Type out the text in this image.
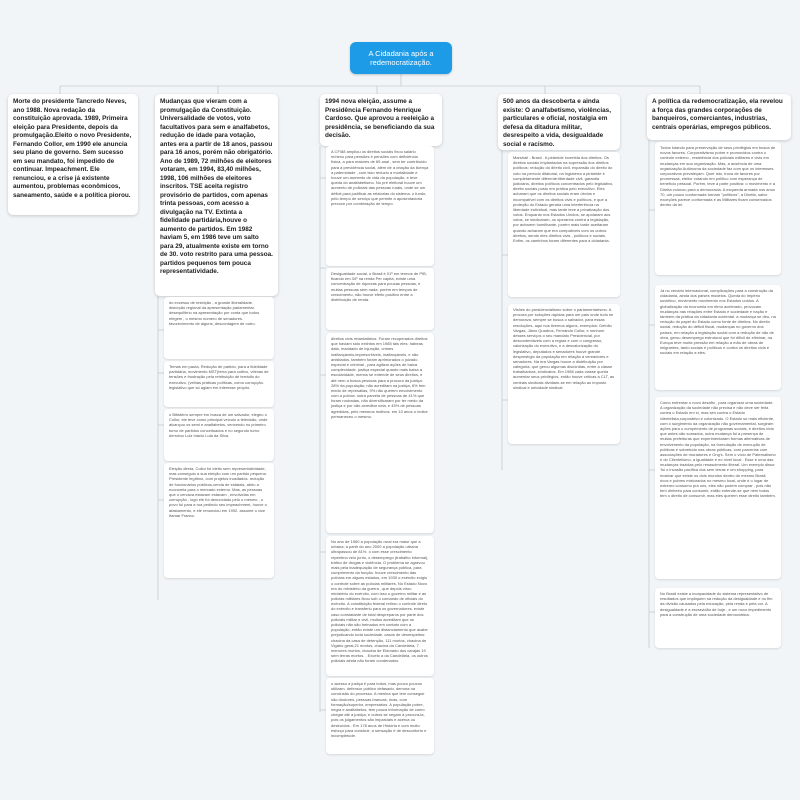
A Cidadania após a redemocratização.
Morte do presidente Tancredo Neves, ano 1988. Nova redação da constituição aprovada. 1989, Primeira eleição para Presidente, depois da promulgação.Eleito o novo Presidente, Fernando Collor, em 1990 ele anuncia seu plano de governo. Sem sucesso em seu mandato, foi impedido de continuar. Impeachment. Ele renunciou, e a crise já existente aumentou, problemas econômicos, saneamento, saúde e a política piorou.
Mudanças que vieram com a promulgação da Constituição. Universalidade de votos, voto facultativos para sem e analfabetos, redução de idade para votação, antes era a partir de 18 anos, passou para 16 anos, porém não obrigatório. Ano de 1989, 72 milhões de eleitores votaram, em 1994, 83,40 milhões, 1998, 106 milhões de eleitores inscritos. TSE aceita registro provisório de partidos, com apenas trinta pessoas, com acesso a divulgação na TV. Extinta a fidelidade partidária,houve o aumento de partidos. Em 1982 haviam 5, em 1986 teve um salto para 29, atualmente existe em torno de 30. voto restrito para uma pessoa. partidos pequenos tem pouca representatividade.
do excesso de restrição , a grande liberalidade. distorção regional da apresentação parlamentar. desequilíbrio na apresentação por conta que todos elegem , o mesmo número de senadores. favorecimento de alguns, descontagem de outro.
Temas em pauta. Redução de partido, para a fidelidade partidária, movimento MST(terra para cultivo, vítimas de tensões e frustração pela retribuição de terrádio do executivo. (velhas práticas políticas, como corrupção. legislativo que só agiam em interesse próprio.
o Bitistérro sempre em busca de um salvador, elegeu o Collor, ele teve como principal veículo a televisão, onde alcançou os semi e analfabetos, vencendo no primeiro turno de partidos conceituados e no segundo turno derrotou Luiz Inácio Lula da Silva.
Eleição direta, Collor foi eleito sem representatividade, mas conseguiu a sua eleição com um partido pequeno. Presidente legítimo, com projetos inusitados. redução de funcionários públicos,venda de estatais, abriu a economia para o mercado externo. Mas, as pessoas que o cercava estavam estavam , envolvidas em corrupção , logo ele foi denunciado pelo o mesmo , o povo foi para a rua pedindo seu impeachment, houve o afastamento, e ele renunciou em 1992. assume o vice Itamar Franco.
1994 nova eleição, assume a Presidência Fernando Henrique Cardoso. Que aprovou a reeleição a presidência, se beneficiando da sua decisão.
A CF/88 ampliou os direitos sociais fixou salário mínimo para pensões e pensões com deficiência física, a para maiores de 65 anal , sem ter contribuído para a previdência social, além de a criação da licença a paternidade , com isso reduziu a mortalidade e houve um aumento de vida da população, e teve queda do analfabetismo. No pré eleitoral houve um aumento de policiais das pessoas rurais, onde se um déficit para justificar as relatorias do sistema. o fundo, pelo tempo de serviço que permite a aposentadoria precoce por combinação de tempo.
Desigualdade social, o Brasil é 01º em termos de PIB, ficando em 34º na renda Per capita, existe uma concentração de riquezas para poucas pessoas, e muitas pessoas sem nada. porém em tempos de crescimento, não houve efeito positivo entre a distribuição de renda.
direitos civis retardatários. Foram recuperados direitos que haviam sido extintos em 1985 tais eles: habeas data, mandado de injunção, crimes inafiançáveis,imprescritíveis, inafiançáveis, e não anistiados. também foram aprimorados o juizado especial e criminal , para agilizar ações de baixa complexidade. justiça especial quanto mais baixa a escolaridade, menos se entende de seus direitos, e até nem a busca pessoas para a procura da justiça. 28% da população; não acreditam na justiça, 6% tem medo de represálias, 9% não querem envolvimento com a polícia. outra parcela de pessoas de 41% que foram roubadas, não diversificaram por ter medo da justiça e por não acreditar nela, e 45% de pessoas agredidas, pelo mesmos motivos. em 10 anos o índice permaneceu o mesmo.
No ano de 1960 a população rural era maior que a urbana, a partir do ano 2000 a população urbana ultrapassou de 81%. o com esse crescimento repentino veio junto, o desemprego (trabalho informal), tráfico de drogas e violência. O problema se agravou mais pela inadequação de segurança pública, para cumprimento da função. houve crescimento das polícias em alguns estados, em 1930 o exército exigiu o controle sobre as polícias militares. No Estado Novo era do ministério da guerra , que depois virou ministério do exército, com isso o governo militar e as policias militares ficou sob o comando de oficiais do exército. A constituição federal retirou o controle direto do exército e transferiu para os governadores. existe caso constatante de total despreparos por parte dos policiais militar e civil, muitos acreditam que os policiais não são treinados em contato com a população, então existe um distanciamento que acabe prejudicando toda sociedade. casos de desrespeitos: chacina da casa de detenção, 111 mortos, chacina de Vigário geral,21 mortos, chacina da Candelária, 7 menores mortos, chacina de Eldorado dos carajás 19 sem terras mortos. . Exceto a da Candelária, os outros policiais ainda não foram condenados.
o acesso a justiça é para todos, mas pouco poucos utilizam. defensor público defasado, demora na conclusão do processo. A menina que tem conseguir são doutores, pessoas brancas, ricas, com formação/superior, empresários. A população pobre, negra e analfabetos, tem pouca informação de como chegar até a justiça, e outros se negam à procura-la, pois os julgamentos são imparciais e acerca ou destruídos . Em 178 anos de História e com muito esforço para construir, a sensação é de desconforto e incompletude.
500 anos da descoberta e ainda existe: O analfabetismo, violências, particulares e oficial, nostalgia em defesa da ditadura militar, desrespeito a vida, desigualdade social e racismo.
Marshall - Brasil . A pirâmide invertida dos direitos. Os direitos sociais implantados na supressão dos direitos políticos: redução do direito civil, expansão do direito do voto na período ditatorial, na Inglaterra a pirâmide é completamente diferente:liberdade civil, garantia judiciária, direitos políticos concentrados pelo legislativo, direito sociais posto em prática pelo executivo. Eles acharam que os direitos sociais eram óbvios e incompatível com os direitos civis e políticos, e que a proteção do Estado geraria uma interferência na liberdade individual, mas tarde teve a privatização dos votos. Enquanto nos Estados Unidos, se apoiaram aos votos, se sindicaram, os operários contra a legislação, por acharem humilhante, porém mais tarde aceitaram quando acharam que era compatíveis com os outros direitos, sendo eles direitos civis , políticos e sociais. Enfim, os caminhos foram diferentes para a cidadania.
Visões do presidencialismo sobre o parlamentarismo. A procura por soluções rápidas para um país onde tudo se demorava, sempre se busca o salvador, para essas resoluções, aqui nos tivemos alguns, exemplos: Getúlio Vargas, Jânio Quadros, Fernando Collor, e nenhum desses serviços o seu mandato Presidencial, por descontentáveis com a regras e com o congresso, valorização do executivo, e a desvalorização do legislativo, deputados e senadores houve grande desprestígio da população em relação a vereadores e senadores. Na era Vargas houve a distribuição por categoria, que gerou algumas discórdias, entre a classe trabalhadora, sindicatos. Em 1988 cada classe queria aumentar seus privilégios, então houve críticas a CLT, as centrais sindicais dividiam-se em relação ao imposto sindical e unicidade sindical.
A política da redemocratização, ela revelou a força das grandes corporações de banqueiros, comerciantes, industrias, centrais operárias, empregos públicos.
Todos lutando para preservação de seus privilégios em busca de novos favores. Corporativismo pobre e promovidos contra o controle externo , resistência dos policiais militares e civis em mudanças em sua organização. Mas, a ausência de uma organização Autônoma da sociedade faz com que os interesses corporativos prevaleçam. Quer isto, troca de favores por promessas, eleitor votando em político com esperança de benefício pessoal. Porém, teve a parte positiva: o movimento e a Direita colocou para a democracia. A esquerda armada nos anos 70, um pouco conformada tornam "políticos", a Direita, salvo exceções parece conformada e as Militares ficam conservados dentro da lei.
Já no cenário internacional, complicações para a construção da cidadania, ainda dos países modelos. Queda do Império soviético, movimento movimento nos Estados unidos. A globalização da economia em ritmo acelerado, provocam mudanças nas relações entre Estado e sociedade e nação e também da prática da cidadania ocidental. a mudança se deu, na redução do papel do Estado como fonte de direitos. No direito social, redução do déficit fiscal, mudanças no governo dos países, em relação a legislação social com a redução de não de obra, gerou desemprego estrutural que foi difícil de eliminar, na Europa teve muita pressão em relação a mão de obras de imigrantes, tanto sociais e políticos e contra os direitos civis e sociais em relação a eles.
Como enfrentar o novo desafio , para organizar uma sociedade. A organização da sociedade não precisa e não deve ser feita contra o Estado em si, mas sim contra o Estado clientelista,corporativo e colonizado. O Estado só mais eficiente, com o surgimento da organização não governamental, surgiram ações para o cumprimento de programas sociais, e direitos civis que antes não somados, outra mudança foi a presença de muitas prefeituras que experimentaram formas alternativas de envolvimento da população, na formulação de execução de políticas e sobretudo nas obras públicas, com parcerias com associações de moradores e Ong's. Sem o vício de Paternalismo e do Clientelismo, a igualdade é no nível local . Esse é uma das mudanças trazidas pelo renascimento liberal. Um exemplo disso: 'foi o invasão pacífica dos sem terras e um shopping, para mostrar que existe os dois mundos dentro do mesmo Brasil, ricos e pobres misturados no mesmo local, onde é o lugar de extremo consumo pra uns, eles não podem comprar , pois não tem dinheiro para consumir, então entende-se que nem todos tem o direito de consumir, mas eles querem esse direito também.
No Brasil existe a incapacidade do sistema representativo de resultados que impliquem na redução da desigualdade e no fim da divisão causados pela educação, pela renda e pela cor. A desigualdade é a escravidão de hoje , e um novo impedimento para a construção de uma sociedade democrática.
